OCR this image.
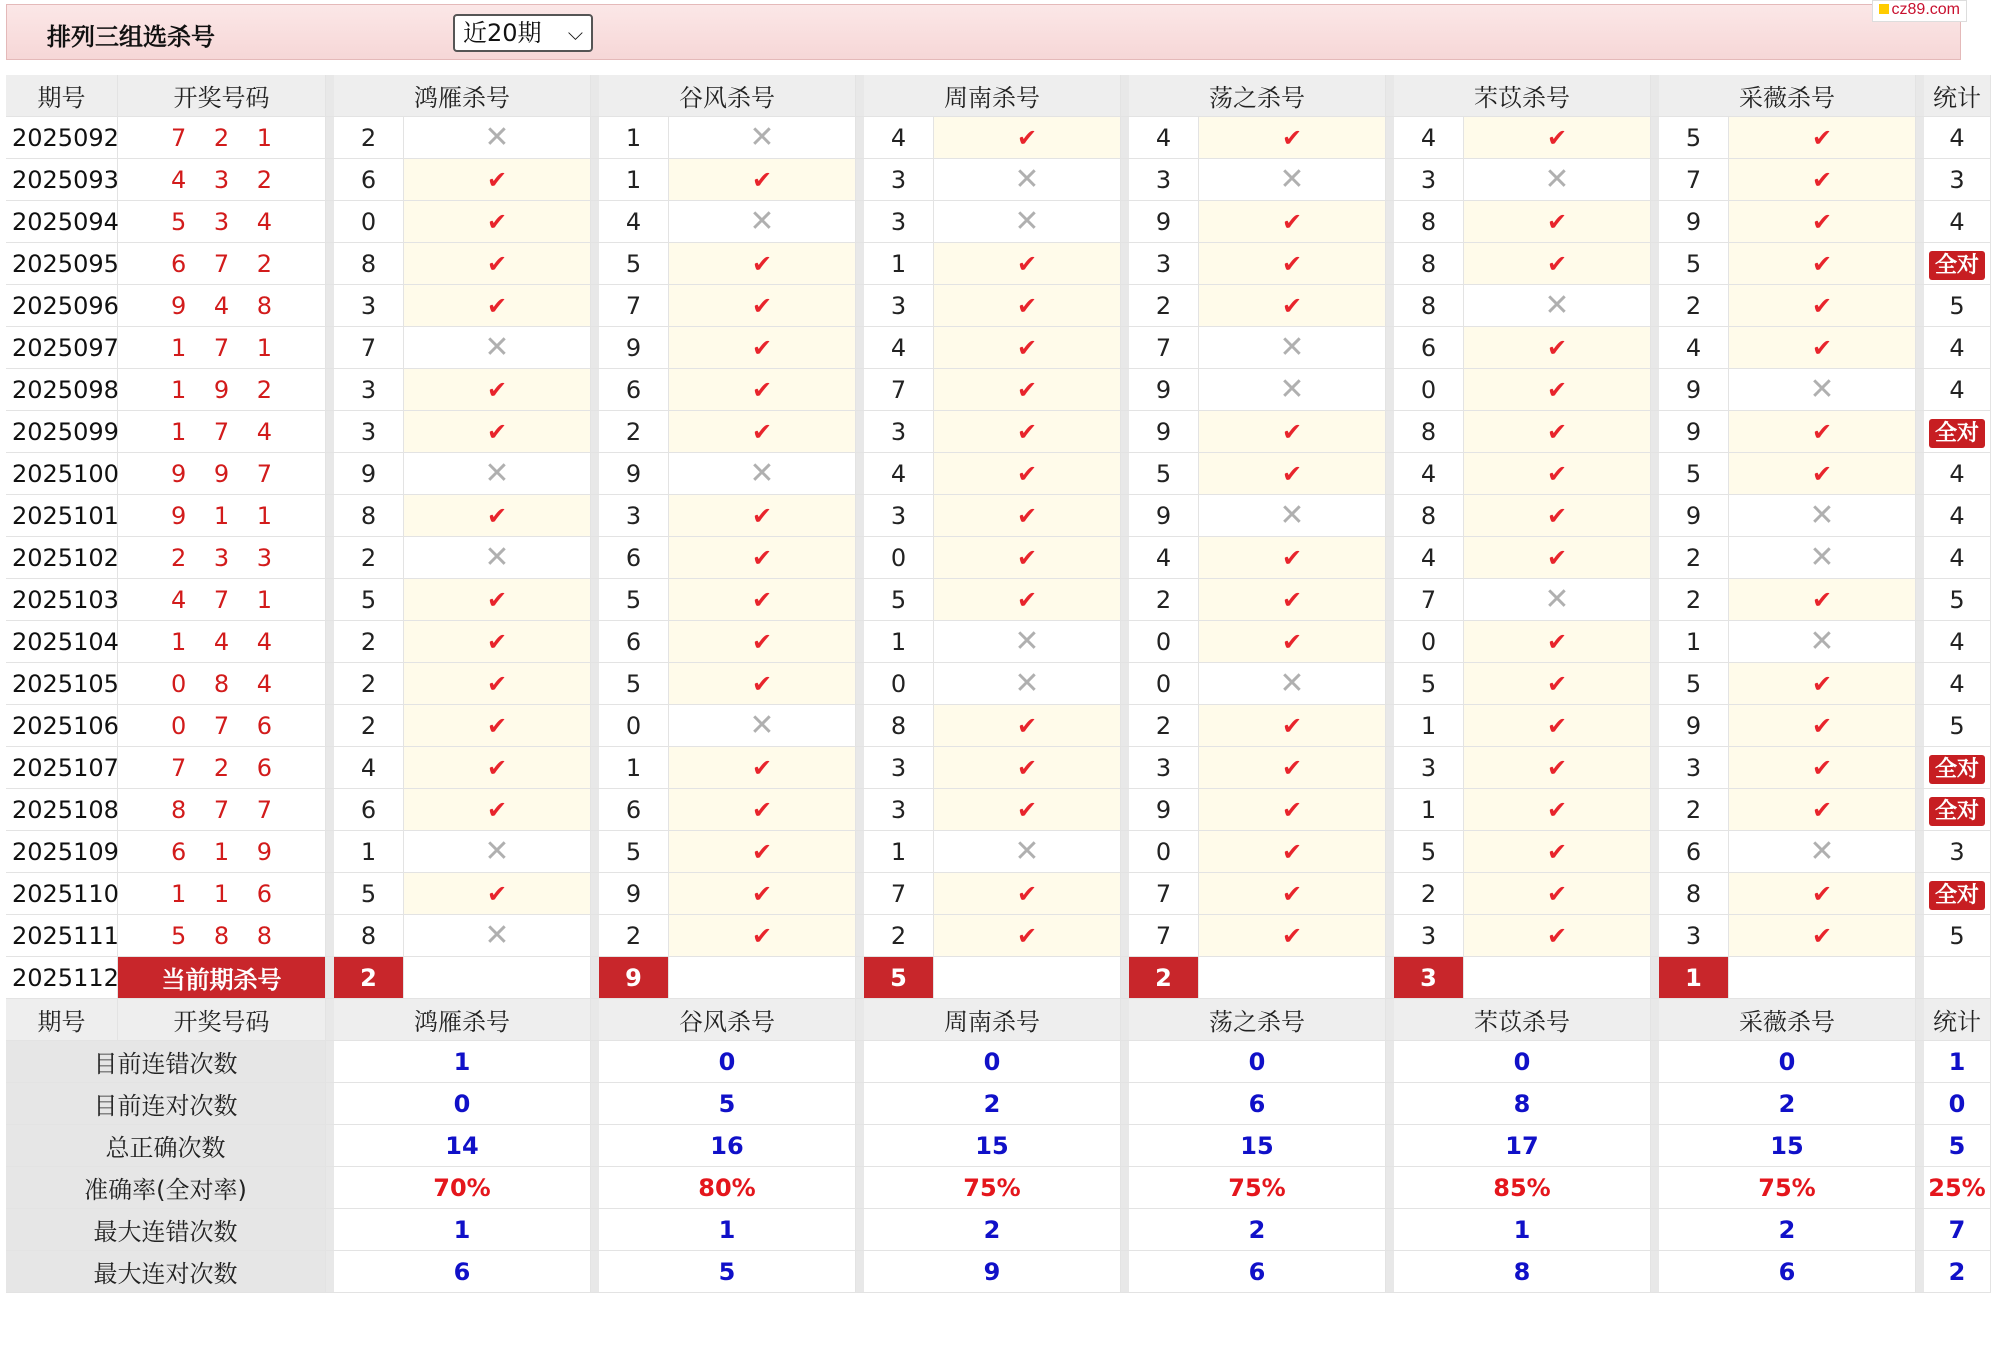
排列三组选杀号	近20期 ⌵
cz89.com
期号	开奖号码		鸿雁杀号			谷风杀号			周南杀号			荡之杀号			芣苡杀号			采薇杀号			统计
2025092	7 2 1		2	✕		1	✕		4	✔		4	✔		4	✔		5	✔		4
2025093	4 3 2		6	✔		1	✔		3	✕		3	✕		3	✕		7	✔		3
2025094	5 3 4		0	✔		4	✕		3	✕		9	✔		8	✔		9	✔		4
2025095	6 7 2		8	✔		5	✔		1	✔		3	✔		8	✔		5	✔		全对
2025096	9 4 8		3	✔		7	✔		3	✔		2	✔		8	✕		2	✔		5
2025097	1 7 1		7	✕		9	✔		4	✔		7	✕		6	✔		4	✔		4
2025098	1 9 2		3	✔		6	✔		7	✔		9	✕		0	✔		9	✕		4
2025099	1 7 4		3	✔		2	✔		3	✔		9	✔		8	✔		9	✔		全对
2025100	9 9 7		9	✕		9	✕		4	✔		5	✔		4	✔		5	✔		4
2025101	9 1 1		8	✔		3	✔		3	✔		9	✕		8	✔		9	✕		4
2025102	2 3 3		2	✕		6	✔		0	✔		4	✔		4	✔		2	✕		4
2025103	4 7 1		5	✔		5	✔		5	✔		2	✔		7	✕		2	✔		5
2025104	1 4 4		2	✔		6	✔		1	✕		0	✔		0	✔		1	✕		4
2025105	0 8 4		2	✔		5	✔		0	✕		0	✕		5	✔		5	✔		4
2025106	0 7 6		2	✔		0	✕		8	✔		2	✔		1	✔		9	✔		5
2025107	7 2 6		4	✔		1	✔		3	✔		3	✔		3	✔		3	✔		全对
2025108	8 7 7		6	✔		6	✔		3	✔		9	✔		1	✔		2	✔		全对
2025109	6 1 9		1	✕		5	✔		1	✕		0	✔		5	✔		6	✕		3
2025110	1 1 6		5	✔		9	✔		7	✔		7	✔		2	✔		8	✔		全对
2025111	5 8 8		8	✕		2	✔		2	✔		7	✔		3	✔		3	✔		5
2025112	当前期杀号		2			9			5			2			3			1			
期号	开奖号码		鸿雁杀号			谷风杀号			周南杀号			荡之杀号			芣苡杀号			采薇杀号			统计
目前连错次数			1			0			0			0			0			0			1
目前连对次数			0			5			2			6			8			2			0
总正确次数			14			16			15			15			17			15			5
准确率(全对率)			70%			80%			75%			75%			85%			75%			25%
最大连错次数			1			1			2			2			1			2			7
最大连对次数			6			5			9			6			8			6			2
